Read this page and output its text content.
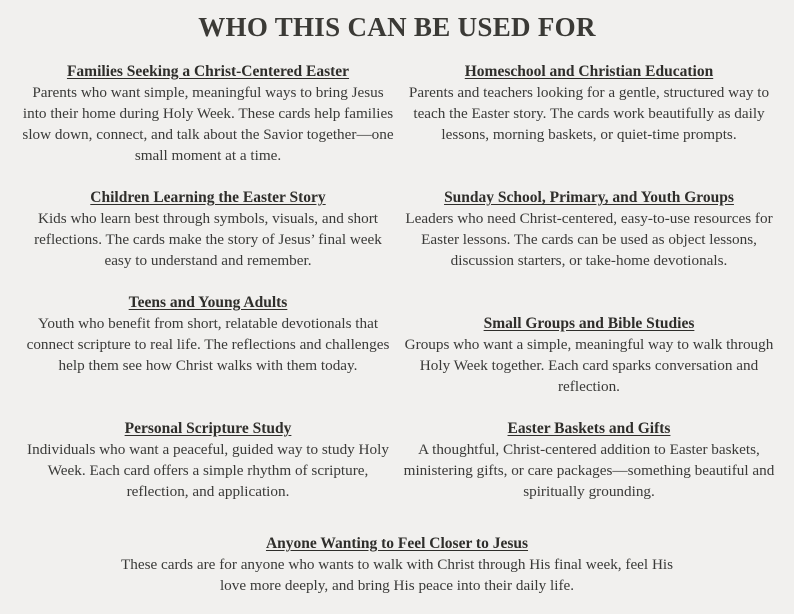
WHO THIS CAN BE USED FOR
Families Seeking a Christ-Centered Easter

Parents who want simple, meaningful ways to bring Jesus into their home during Holy Week. These cards help families slow down, connect, and talk about the Savior together—one small moment at a time.

Homeschool and Christian Education

Parents and teachers looking for a gentle, structured way to teach the Easter story. The cards work beautifully as daily lessons, morning baskets, or quiet-time prompts.

Children Learning the Easter Story

Kids who learn best through symbols, visuals, and short reflections. The cards make the story of Jesus’ final week easy to understand and remember.

Sunday School, Primary, and Youth Groups

Leaders who need Christ-centered, easy-to-use resources for Easter lessons. The cards can be used as object lessons, discussion starters, or take-home devotionals.

Teens and Young Adults

Youth who benefit from short, relatable devotionals that connect scripture to real life. The reflections and challenges help them see how Christ walks with them today.

Small Groups and Bible Studies

Groups who want a simple, meaningful way to walk through Holy Week together. Each card sparks conversation and reflection.

Personal Scripture Study

Individuals who want a peaceful, guided way to study Holy Week. Each card offers a simple rhythm of scripture, reflection, and application.

Easter Baskets and Gifts

A thoughtful, Christ-centered addition to Easter baskets, ministering gifts, or care packages—something beautiful and spiritually grounding.

Anyone Wanting to Feel Closer to Jesus

These cards are for anyone who wants to walk with Christ through His final week, feel His love more deeply, and bring His peace into their daily life.
